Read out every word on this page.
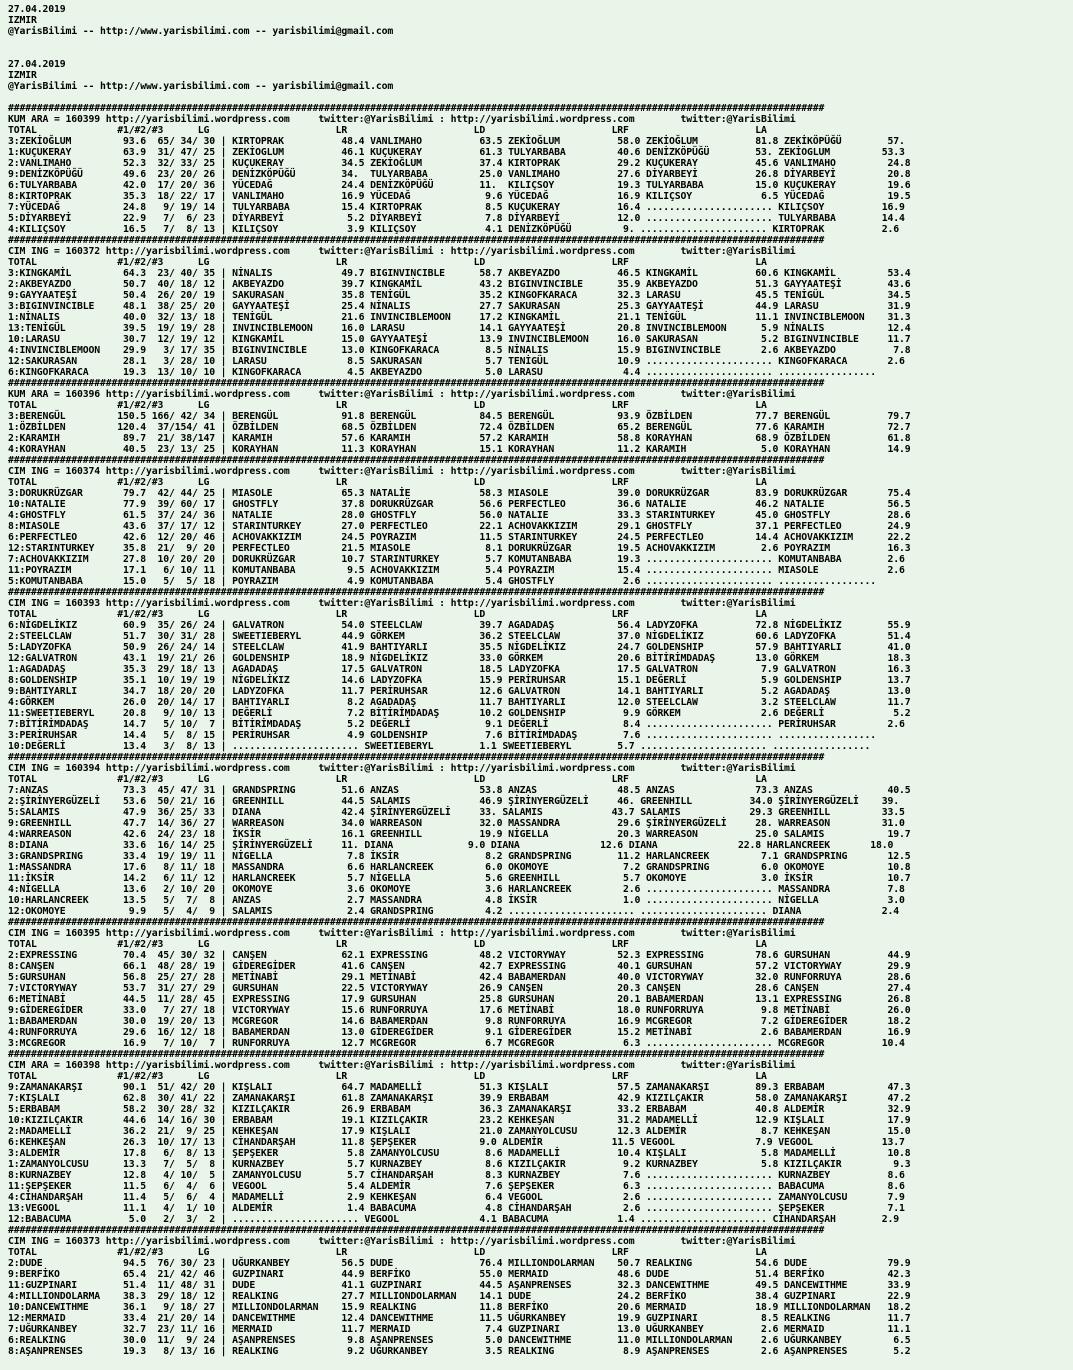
27.04.2019
IZMIR
@YarisBilimi -- http://www.yarisbilimi.com -- yarisbilimi@gmail.com
27.04.2019
IZMIR
@YarisBilimi -- http://www.yarisbilimi.com -- yarisbilimi@gmail.com
##############################################################################################################################################
KUM ARA = 160399 http://yarisbilimi.wordpress.com     twitter:@YarisBilimi : http://yarisbilimi.wordpress.com        twitter:@YarisBilimi
TOTAL              #1/#2/#3      LG                      LR                      LD                      LRF                      LA
3:ZEKİOĞLUM         93.6  65/ 34/ 30 | KIRTOPRAK          48.4 VANLIMAHO          63.5 ZEKİOĞLUM          58.0 ZEKİOĞLUM          81.8 ZEKİKÖPÜĞÜ        57.
1:KUÇUKERAY         63.9  31/ 47/ 25 | ZEKİOGLUM          46.1 KUÇUKERAY          61.3 TULYARBABA         40.6 DENİZKÖPÜĞÜ        53. ZEKİOGLUM         53.3
2:VANLIMAHO         52.3  32/ 33/ 25 | KUÇUKERAY          34.5 ZEKİOĞLUM          37.4 KIRTOPRAK          29.2 KUÇUKERAY          45.6 VANLIMAHO         24.8
9:DENİZKÖPÜĞÜ       49.6  23/ 20/ 26 | DENİZKÖPÜĞÜ        34.  TULYARBABA         25.0 VANLIMAHO          27.6 DİYARBEYİ          26.8 DİYARBEYİ         20.8
6:TULYARBABA        42.0  17/ 20/ 36 | YÜCEDAĞ            24.4 DENİZKÖPÜĞÜ        11.  KILIÇSOY           19.3 TULYARBABA         15.0 KUÇUKERAY         19.6
8:KIRTOPRAK         35.3  18/ 22/ 17 | VANLIMAHO          16.9 YÜCEDAĞ             9.6 YÜCEDAĞ            16.9 KILIÇSOY            6.5 YÜCEDAĞ           19.5
7:YÜCEDAĞ           24.8   9/ 19/ 14 | TULYARBABA         15.4 KIRTOPRAK           8.5 KUÇUKERAY          16.4 ...................... KILIÇSOY          16.9
5:DİYARBEYİ         22.9   7/  6/ 23 | DİYARBEYİ           5.2 DİYARBEYİ           7.8 DİYARBEYİ          12.0 ...................... TULYARBABA        14.4
4:KILIÇSOY          16.5   7/  8/ 13 | KILIÇSOY            3.9 KILIÇSOY            4.1 DENİZKÖPÜĞÜ         9. ...................... KIRTOPRAK          2.6
##############################################################################################################################################
CIM ING = 160372 http://yarisbilimi.wordpress.com     twitter:@YarisBilimi : http://yarisbilimi.wordpress.com        twitter:@YarisBilimi
TOTAL              #1/#2/#3      LG                      LR                      LD                      LRF                      LA
3:KINGKAMİL         64.3  23/ 40/ 35 | NİNALIS            49.7 BIGINVINCIBLE      58.7 AKBEYAZDO          46.5 KINGKAMİL          60.6 KINGKAMİL         53.4
2:AKBEYAZDO         50.7  40/ 18/ 12 | AKBEYAZDO          39.7 KINGKAMİL          43.2 BIGINVINCIBLE      35.9 AKBEYAZDO          51.3 GAYYAATEŞİ        43.6
9:GAYYAATEŞİ        50.4  26/ 20/ 19 | SAKURASAN          35.8 TENİGÜL            35.2 KINGOFKARACA       32.3 LARASU             45.5 TENİGÜL           34.5
3:BIGINVINCIBLE     48.1  38/ 25/ 20 | GAYYAATEŞİ         25.4 NİNALIS            27.7 SAKURASAN          25.3 GAYYAATEŞİ         44.9 LARASU            31.9
1:NİNALIS           40.0  32/ 13/ 18 | TENİGÜL            21.6 INVINCIBLEMOON     17.2 KINGKAMİL          21.1 TENİGÜL            11.1 INVINCIBLEMOON    31.3
13:TENİGÜL          39.5  19/ 19/ 28 | INVINCIBLEMOON     16.0 LARASU             14.1 GAYYAATEŞİ         20.8 INVINCIBLEMOON      5.9 NİNALIS           12.4
10:LARASU           30.7  12/ 19/ 12 | KINGKAMİL          15.0 GAYYAATEŞİ         13.9 INVINCIBLEMOON     16.0 SAKURASAN           5.2 BIGINVINCIBLE     11.7
4:INVINCIBLEMOON    29.9   3/ 17/ 35 | BIGINVINCIBLE      13.0 KINGOFKARACA        8.5 NİNALIS            15.9 BIGINVINCIBLE       2.6 AKBEYAZDO          7.8
12:SAKURASAN        28.1   3/ 28/ 10 | LARASU              8.5 SAKURASAN           5.7 TENİGÜL            10.9 ...................... KINGOFKARACA       2.6
6:KINGOFKARACA      19.3  13/ 10/ 10 | KINGOFKARACA        4.5 AKBEYAZDO           5.0 LARASU              4.4 ...................... .................
##############################################################################################################################################
KUM ARA = 160396 http://yarisbilimi.wordpress.com     twitter:@YarisBilimi : http://yarisbilimi.wordpress.com        twitter:@YarisBilimi
TOTAL              #1/#2/#3      LG                      LR                      LD                      LRF                      LA
3:BERENGÜL         150.5 166/ 42/ 34 | BERENGÜL           91.8 BERENGÜL           84.5 BERENGÜL           93.9 ÖZBİLDEN           77.7 BERENGÜL          79.7
1:ÖZBİLDEN         120.4  37/154/ 41 | ÖZBİLDEN           68.5 ÖZBİLDEN           72.4 ÖZBİLDEN           65.2 BERENGÜL           77.6 KARAMIH           72.7
2:KARAMIH           89.7  21/ 38/147 | KARAMIH            57.6 KARAMIH            57.2 KARAMIH            58.8 KORAYHAN           68.9 ÖZBİLDEN          61.8
4:KORAYHAN          40.5  23/ 13/ 25 | KORAYHAN           11.3 KORAYHAN           15.1 KORAYHAN           11.2 KARAMIH             5.0 KORAYHAN          14.9
##############################################################################################################################################
CIM ING = 160374 http://yarisbilimi.wordpress.com     twitter:@YarisBilimi : http://yarisbilimi.wordpress.com        twitter:@YarisBilimi
TOTAL              #1/#2/#3      LG                      LR                      LD                      LRF                      LA
3:DORUKRÜZGAR       79.7  42/ 44/ 25 | MIASOLE            65.3 NATALİE            58.3 MIASOLE            39.0 DORUKRÜZGAR        83.9 DORUKRÜZGAR       75.4
10:NATALIE          77.9  39/ 60/ 17 | GHOSTFLY           37.8 DORUKRÜZGAR        56.6 PERFECTLEO         36.6 NATALIE            46.2 NATALIE           56.5
4:GHOSTFLY          61.5  37/ 24/ 36 | NATALIE            28.0 GHOSTFLY           56.0 NATALIE            33.3 STARINTURKEY       45.0 GHOSTFLY          28.6
8:MIASOLE           43.6  37/ 17/ 12 | STARINTURKEY       27.0 PERFECTLEO         22.1 ACHOVAKKIZIM       29.1 GHOSTFLY           37.1 PERFECTLEO        24.9
6:PERFECTLEO        42.6  12/ 20/ 46 | ACHOVAKKIZIM       24.5 POYRAZIM           11.5 STARINTURKEY       24.5 PERFECTLEO         14.4 ACHOVAKKIZIM      22.2
12:STARINTURKEY     35.8  21/  9/ 20 | PERFECTLEO         21.5 MIASOLE             8.1 DORUKRÜZGAR        19.5 ACHOVAKKIZIM        2.6 POYRAZIM          16.3
7:ACHOVAKKIZIM      27.8  10/ 20/ 20 | DORUKRÜZGAR        10.7 STARINTURKEY        5.7 KOMUTANBABA        19.3 ...................... KOMUTANBABA        2.6
11:POYRAZIM         17.1   6/ 10/ 11 | KOMUTANBABA         9.5 ACHOVAKKIZIM        5.4 POYRAZIM           15.4 ...................... MIASOLE            2.6
5:KOMUTANBABA       15.0   5/  5/ 18 | POYRAZIM            4.9 KOMUTANBABA         5.4 GHOSTFLY            2.6 ...................... .................
##############################################################################################################################################
CIM ING = 160393 http://yarisbilimi.wordpress.com     twitter:@YarisBilimi : http://yarisbilimi.wordpress.com        twitter:@YarisBilimi
TOTAL              #1/#2/#3      LG                      LR                      LD                      LRF                      LA
6:NİGDELİKIZ        60.9  35/ 26/ 24 | GALVATRON          54.0 STEELCLAW          39.7 AGADADAŞ           56.4 LADYZOFKA          72.8 NİGDELİKIZ        55.9
2:STEELCLAW         51.7  30/ 31/ 28 | SWEETIEBERYL       44.9 GÖRKEM             36.2 STEELCLAW          37.0 NİGDELİKIZ         60.6 LADYZOFKA         51.4
5:LADYZOFKA         50.9  26/ 24/ 14 | STEELCLAW          41.9 BAHTIYARLI         35.5 NİGDELİKIZ         24.7 GOLDENSHIP         57.9 BAHTIYARLI        41.0
12:GALVATRON        43.1  19/ 21/ 26 | GOLDENSHIP         18.9 NİGDELİKIZ         33.0 GÖRKEM             20.6 BİTİRİMDADAŞ       13.0 GÖRKEM            18.3
1:AGADADAŞ          35.3  29/ 18/ 13 | AGADADAŞ           17.5 GALVATRON          18.5 LADYZOFKA          17.5 GALVATRON           7.9 GALVATRON         16.3
8:GOLDENSHIP        35.1  10/ 19/ 19 | NİGDELİKIZ         14.6 LADYZOFKA          15.9 PERİRUHSAR         15.1 DEĞERLİ             5.9 GOLDENSHIP        13.7
9:BAHTIYARLI        34.7  18/ 20/ 20 | LADYZOFKA          11.7 PERİRUHSAR         12.6 GALVATRON          14.1 BAHTIYARLI          5.2 AGADADAŞ          13.0
4:GÖRKEM            26.0  20/ 14/ 17 | BAHTIYARLI          8.2 AGADADAŞ           11.7 BAHTIYARLI         12.0 STEELCLAW           3.2 STEELCLAW         11.7
11:SWEETIEBERYL     20.8   9/ 10/ 13 | DEĞERLİ             7.2 BİTİRİMDADAŞ       10.2 GOLDENSHIP          9.9 GÖRKEM              2.6 DEĞERLİ            5.2
7:BİTİRİMDADAŞ      14.7   5/ 10/  7 | BİTİRİMDADAŞ        5.2 DEĞERLİ             9.1 DEĞERLİ             8.4 ...................... PERİRUHSAR         2.6
3:PERİRUHSAR        14.4   5/  8/ 15 | PERİRUHSAR          4.9 GOLDENSHIP          7.6 BİTİRİMDADAŞ        7.6 ...................... .................
10:DEĞERLİ          13.4   3/  8/ 13 | ...................... SWEETIEBERYL        1.1 SWEETIEBERYL        5.7 ...................... .................
##############################################################################################################################################
CIM ING = 160394 http://yarisbilimi.wordpress.com     twitter:@YarisBilimi : http://yarisbilimi.wordpress.com        twitter:@YarisBilimi
TOTAL              #1/#2/#3      LG                      LR                      LD                      LRF                      LA
7:ANZAS             73.3  45/ 47/ 31 | GRANDSPRING        51.6 ANZAS              53.8 ANZAS              48.5 ANZAS              73.3 ANZAS             40.5
2:ŞİRİNYERGÜZELİ    53.6  50/ 21/ 16 | GREENHILL          44.5 SALAMIS            46.9 ŞİRİNYERGÜZELİ     46. GREENHILL          34.0 ŞİRİNYERGÜZELİ    39.
5:SALAMIS           47.9  36/ 25/ 33 | DIANA              42.4 ŞİRİNYERGÜZELİ     33. SALAMIS            43.7 SALAMIS            29.3 GREENHILL         33.5
9:GREENHILL         47.7  14/ 36/ 27 | WARREASON          34.0 WARREASON          32.0 MASSANDRA          29.6 ŞİRİNYERGÜZELİ     28. WARREASON         31.0
4:WARREASON         42.6  24/ 23/ 18 | İKSİR              16.1 GREENHILL          19.9 NİGELLA            20.3 WARREASON          25.0 SALAMIS           19.7
8:DIANA             33.6  16/ 14/ 25 | ŞİRİNYERGÜZELİ     11. DIANA             9.0 DIANA              12.6 DIANA              22.8 HARLANCREEK       18.0
3:GRANDSPRING       33.4  19/ 19/ 11 | NİGELLA             7.8 İKSİR               8.2 GRANDSPRING        11.2 HARLANCREEK         7.1 GRANDSPRING       12.5
1:MASSANDRA         17.6   8/ 11/ 18 | MASSANDRA           6.6 HARLANCREEK         6.0 OKOMOYE             7.2 GRANDSPRING         6.0 OKOMOYE           10.8
11:İKSİR            14.2   6/ 11/ 12 | HARLANCREEK         5.7 NİGELLA             5.6 GREENHILL           5.7 OKOMOYE             3.0 İKSİR             10.7
4:NİGELLA           13.6   2/ 10/ 20 | OKOMOYE             3.6 OKOMOYE             3.6 HARLANCREEK         2.6 ...................... MASSANDRA          7.8
10:HARLANCREEK      13.5   5/  7/  8 | ANZAS               2.7 MASSANDRA           4.8 İKSİR               1.0 ...................... NİGELLA            3.0
12:OKOMOYE           9.9   5/  4/  9 | SALAMIS             2.4 GRANDSPRING         4.2 ...................... ...................... DIANA              2.4
##############################################################################################################################################
CIM ING = 160395 http://yarisbilimi.wordpress.com     twitter:@YarisBilimi : http://yarisbilimi.wordpress.com        twitter:@YarisBilimi
TOTAL              #1/#2/#3      LG                      LR                      LD                      LRF                      LA
2:EXPRESSING        70.4  45/ 30/ 32 | CANŞEN             62.1 EXPRESSING         48.2 VICTORYWAY         52.3 EXPRESSING         78.6 GURSUHAN          44.9
8:CANŞEN            66.1  48/ 28/ 19 | GİDEREGİDER        41.6 CANŞEN             42.7 EXPRESSING         40.1 GURSUHAN           57.2 VICTORYWAY        29.9
5:GURSUHAN          56.8  25/ 27/ 28 | METİNABİ           29.1 METİNABİ           42.4 BABAMERDAN         40.0 VICTORYWAY         32.0 RUNFORRUYA        28.6
7:VICTORYWAY        53.7  31/ 27/ 29 | GURSUHAN           22.5 VICTORYWAY         26.9 CANŞEN             20.3 CANŞEN             28.6 CANŞEN            27.4
6:METİNABİ          44.5  11/ 28/ 45 | EXPRESSING         17.9 GURSUHAN           25.8 GURSUHAN           20.1 BABAMERDAN         13.1 EXPRESSING        26.8
9:GİDEREGİDER       33.0   7/ 27/ 18 | VICTORYWAY         15.6 RUNFORRUYA         17.6 METİNABİ           18.0 RUNFORRUYA          9.8 METİNABİ          26.0
1:BABAMERDAN        30.0  19/ 20/ 13 | MCGREGOR           14.6 BABAMERDAN          9.8 RUNFORRUYA         16.9 MCGREGOR            7.2 GİDEREGİDER       18.2
4:RUNFORRUYA        29.6  16/ 12/ 18 | BABAMERDAN         13.0 GİDEREGİDER         9.1 GİDEREGİDER        15.2 METİNABİ            2.6 BABAMERDAN        16.9
3:MCGREGOR          16.9   7/ 10/  7 | RUNFORRUYA         12.7 MCGREGOR            6.7 MCGREGOR            6.3 ...................... MCGREGOR          10.4
##############################################################################################################################################
CIM ARA = 160398 http://yarisbilimi.wordpress.com     twitter:@YarisBilimi : http://yarisbilimi.wordpress.com        twitter:@YarisBilimi
TOTAL              #1/#2/#3      LG                      LR                      LD                      LRF                      LA
9:ZAMANAKARŞI       90.1  51/ 42/ 20 | KIŞLALI            64.7 MADAMELLİ          51.3 KIŞLALI            57.5 ZAMANAKARŞI        89.3 ERBABAM           47.3
7:KIŞLALI           62.8  30/ 41/ 22 | ZAMANAKARŞI        61.8 ZAMANAKARŞI        39.9 ERBABAM            42.9 KIZILÇAKIR         58.0 ZAMANAKARŞI       47.2
5:ERBABAM           58.2  30/ 28/ 32 | KIZILÇAKIR         26.9 ERBABAM            36.3 ZAMANAKARŞI        33.2 ERBABAM            40.8 ALDEMİR           32.9
10:KIZILÇAKIR       44.6  14/ 16/ 30 | ERBABAM            19.1 KIZILÇAKIR         23.2 KEHKEŞAN           31.2 MADAMELLİ          12.9 KIŞLALI           17.9
2:MADAMELLİ         36.2  21/  9/ 25 | KEHKEŞAN           17.9 KIŞLALI            21.0 ZAMANYOLCUSU       12.3 ALDEMİR             8.7 KEHKEŞAN          15.0
6:KEHKEŞAN          26.3  10/ 17/ 13 | CİHANDARŞAH        11.8 ŞEPŞEKER           9.0 ALDEMİR            11.5 VEGOOL              7.9 VEGOOL            13.7
3:ALDEMİR           17.8   6/  8/ 13 | ŞEPŞEKER            5.8 ZAMANYOLCUSU        8.6 MADAMELLİ          10.4 KIŞLALI             5.8 MADAMELLİ         10.8
1:ZAMANYOLCUSU      13.3   7/  5/  8 | KURNAZBEY           5.7 KURNAZBEY           8.6 KIZILÇAKIR          9.2 KURNAZBEY           5.8 KIZILÇAKIR         9.3
8:KURNAZBEY         12.8   4/ 10/  5 | ZAMANYOLCUSU        5.7 CİHANDARŞAH         8.3 KURNAZBEY           7.6 ...................... KURNAZBEY          8.6
11:ŞEPŞEKER         11.5   6/  4/  6 | VEGOOL              5.4 ALDEMİR             7.6 ŞEPŞEKER            6.3 ...................... BABACUMA           8.6
4:CİHANDARŞAH       11.4   5/  6/  4 | MADAMELLİ           2.9 KEHKEŞAN            6.4 VEGOOL              2.6 ...................... ZAMANYOLCUSU       7.9
13:VEGOOL           11.1   4/  1/ 10 | ALDEMİR             1.4 BABACUMA            4.8 CİHANDARŞAH         2.6 ...................... ŞEPŞEKER           7.1
12:BABACUMA          5.0   2/  3/  2 | ...................... VEGOOL              4.1 BABACUMA            1.4 ...................... CİHANDARŞAH        2.9
##############################################################################################################################################
CIM ING = 160373 http://yarisbilimi.wordpress.com     twitter:@YarisBilimi : http://yarisbilimi.wordpress.com        twitter:@YarisBilimi
TOTAL              #1/#2/#3      LG                      LR                      LD                      LRF                      LA
2:DUDE              94.5  76/ 30/ 23 | UĞURKANBEY         56.5 DUDE               76.4 MILLIONDOLARMAN    50.7 REALKING           54.6 DUDE              79.9
9:BERFİKO           65.4  21/ 42/ 46 | GUZPINARI          44.9 BERFİKO            55.0 MERMAID            48.6 DUDE               51.4 BERFİKO           42.3
11:GUZPINARI        51.4  11/ 48/ 31 | DUDE               41.1 GUZPINARI          44.5 AŞANPRENSES        32.3 DANCEWITHME        49.5 DANCEWITHME       33.9
4:MILLIONDOLARMA    38.3  29/ 18/ 12 | REALKING           27.7 MILLIONDOLARMAN    14.1 DUDE               24.2 BERFİKO            38.4 GUZPINARI         22.9
10:DANCEWITHME      36.1   9/ 18/ 27 | MILLIONDOLARMAN    15.9 REALKING           11.8 BERFİKO            20.6 MERMAID            18.9 MILLIONDOLARMAN   18.2
12:MERMAID          33.4  21/ 20/ 14 | DANCEWITHME        12.4 DANCEWITHME        11.5 UĞURKANBEY         19.9 GUZPINARI           8.5 REALKING          11.7
7:UĞURKANBEY        32.7  23/ 11/ 16 | MERMAID            11.7 MERMAID             7.4 GUZPINARI          13.0 UĞURKANBEY          2.6 MERMAID           11.1
6:REALKING          30.0  11/  9/ 24 | AŞANPRENSES         9.8 AŞANPRENSES         5.0 DANCEWITHME        11.0 MILLIONDOLARMAN     2.6 UĞURKANBEY         6.5
8:AŞANPRENSES       19.3   8/ 13/ 16 | REALKING            9.2 UĞURKANBEY          3.5 REALKING            8.9 AŞANPRENSES         2.6 AŞANPRENSES        5.2
